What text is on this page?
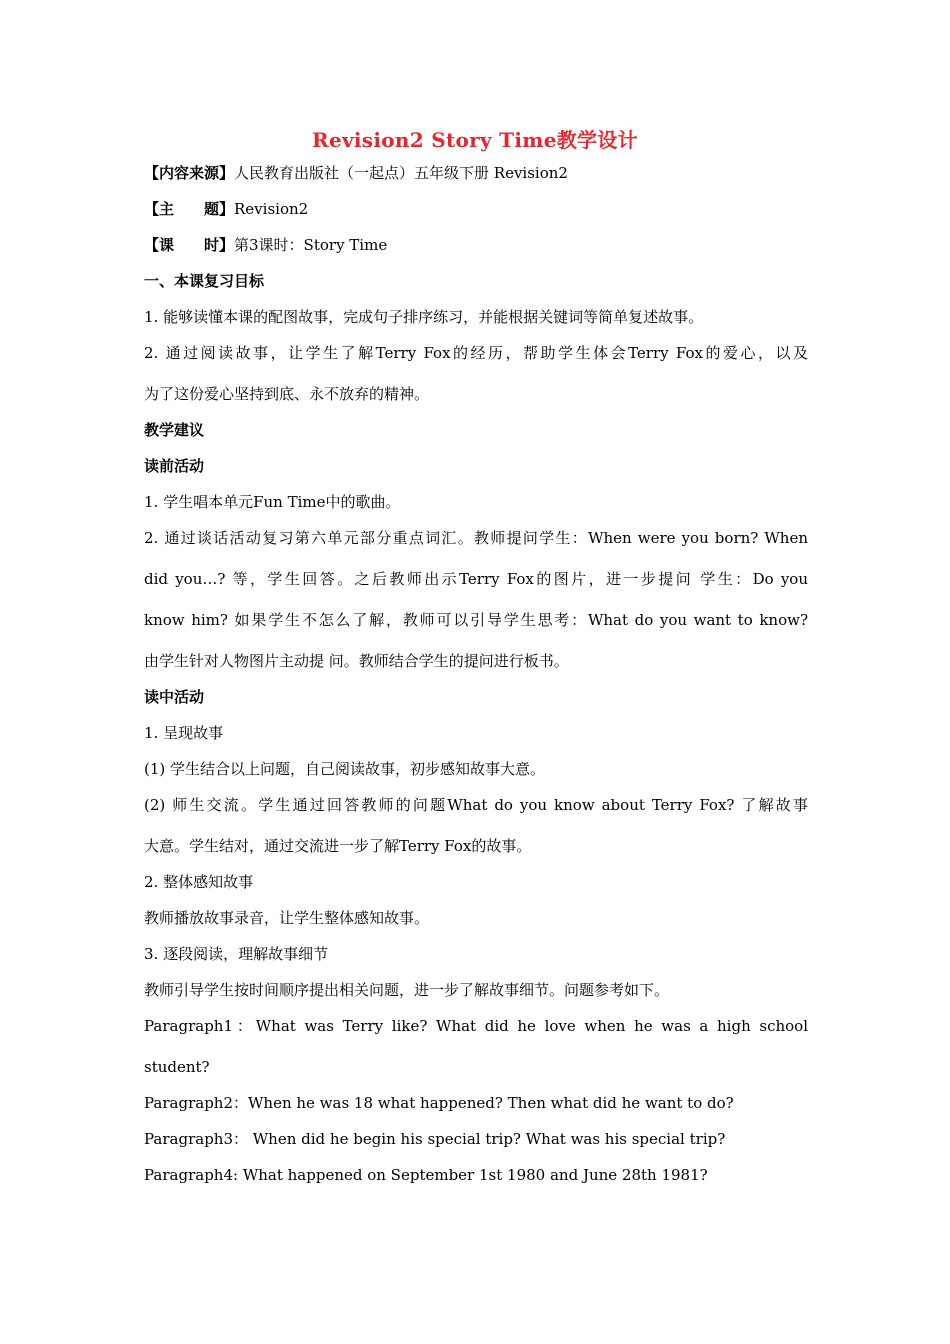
Revision2 Story Time教学设计
【内容来源】人民教育出版社（一起点）五年级下册 Revision2
【主　　题】Revision2
【课　　时】第3课时：Story Time
一、本课复习目标
1. 能够读懂本课的配图故事，完成句子排序练习，并能根据关键词等简单复述故事。
2. 通过阅读故事，让学生了解Terry Fox的经历，帮助学生体会Terry Fox的爱心，以及
为了这份爱心坚持到底、永不放弃的精神。
教学建议
读前活动
1. 学生唱本单元Fun Time中的歌曲。
2. 通过谈话活动复习第六单元部分重点词汇。教师提问学生：When were you born? When
did you…? 等，学生回答。之后教师出示Terry Fox的图片，进一步提问 学生：Do you
know him? 如果学生不怎么了解，教师可以引导学生思考：What do you want to know?
由学生针对人物图片主动提 问。教师结合学生的提问进行板书。
读中活动
1. 呈现故事
(1) 学生结合以上问题，自己阅读故事，初步感知故事大意。
(2) 师生交流。学生通过回答教师的问题What do you know about Terry Fox? 了解故事
大意。学生结对，通过交流进一步了解Terry Fox的故事。
2. 整体感知故事
教师播放故事录音，让学生整体感知故事。
3. 逐段阅读，理解故事细节
教师引导学生按时间顺序提出相关问题，进一步了解故事细节。问题参考如下。
Paragraph1：What was Terry like? What did he love when he was a high school
student?
Paragraph2：When he was 18 what happened? Then what did he want to do?
Paragraph3： When did he begin his special trip? What was his special trip?
Paragraph4: What happened on September 1st 1980 and June 28th 1981?
